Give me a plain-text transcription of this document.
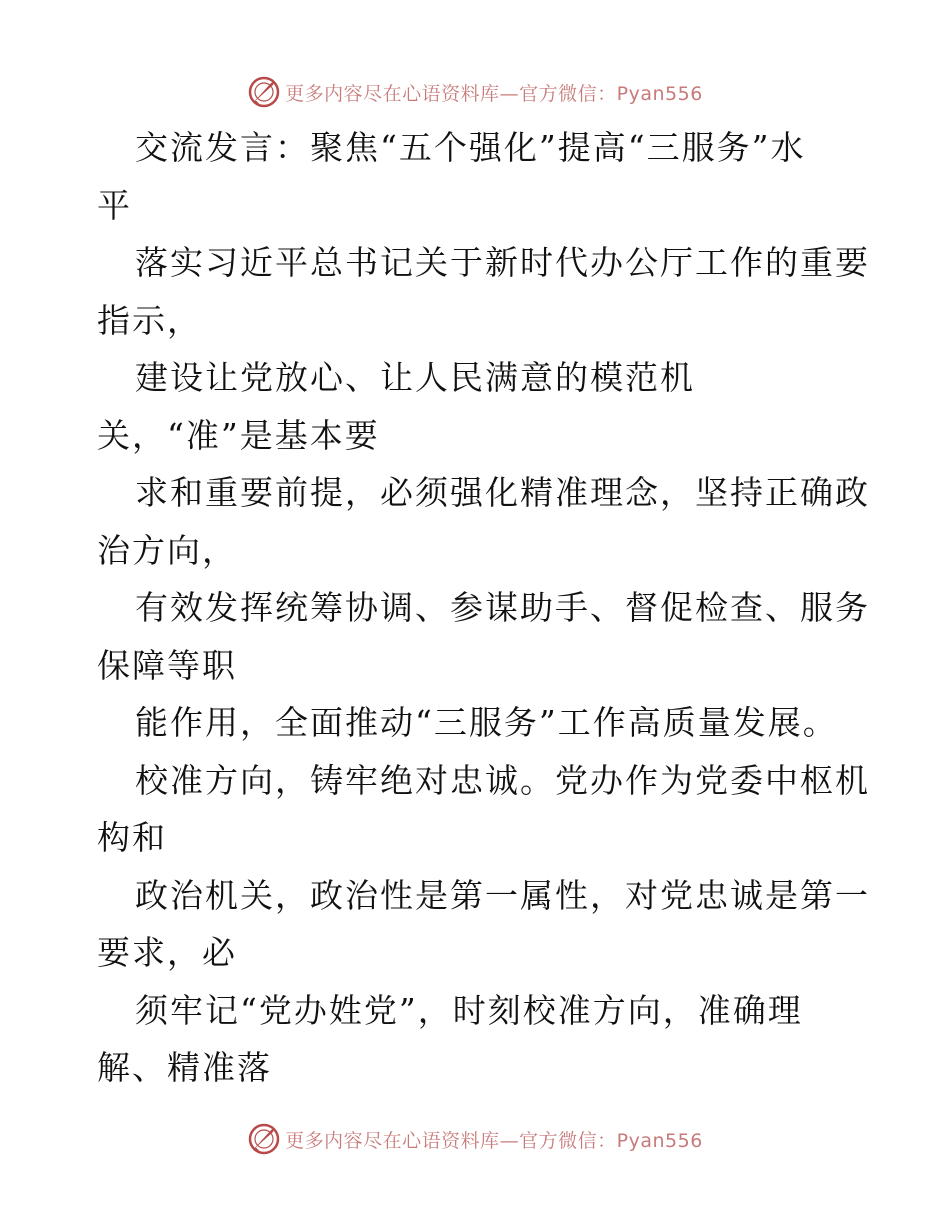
更多内容尽在心语资料库—官方微信：Pyan556
交流发言：聚焦“五个强化”提高“三服务”水
平
落实习近平总书记关于新时代办公厅工作的重要
指示，
建设让党放心、让人民满意的模范机
关，“准”是基本要
求和重要前提，必须强化精准理念，坚持正确政
治方向，
有效发挥统筹协调、参谋助手、督促检查、服务
保障等职
能作用，全面推动“三服务”工作高质量发展。
校准方向，铸牢绝对忠诚。党办作为党委中枢机
构和
政治机关，政治性是第一属性，对党忠诚是第一
要求，必
须牢记“党办姓党”，时刻校准方向，准确理
解、精准落
更多内容尽在心语资料库—官方微信：Pyan556
